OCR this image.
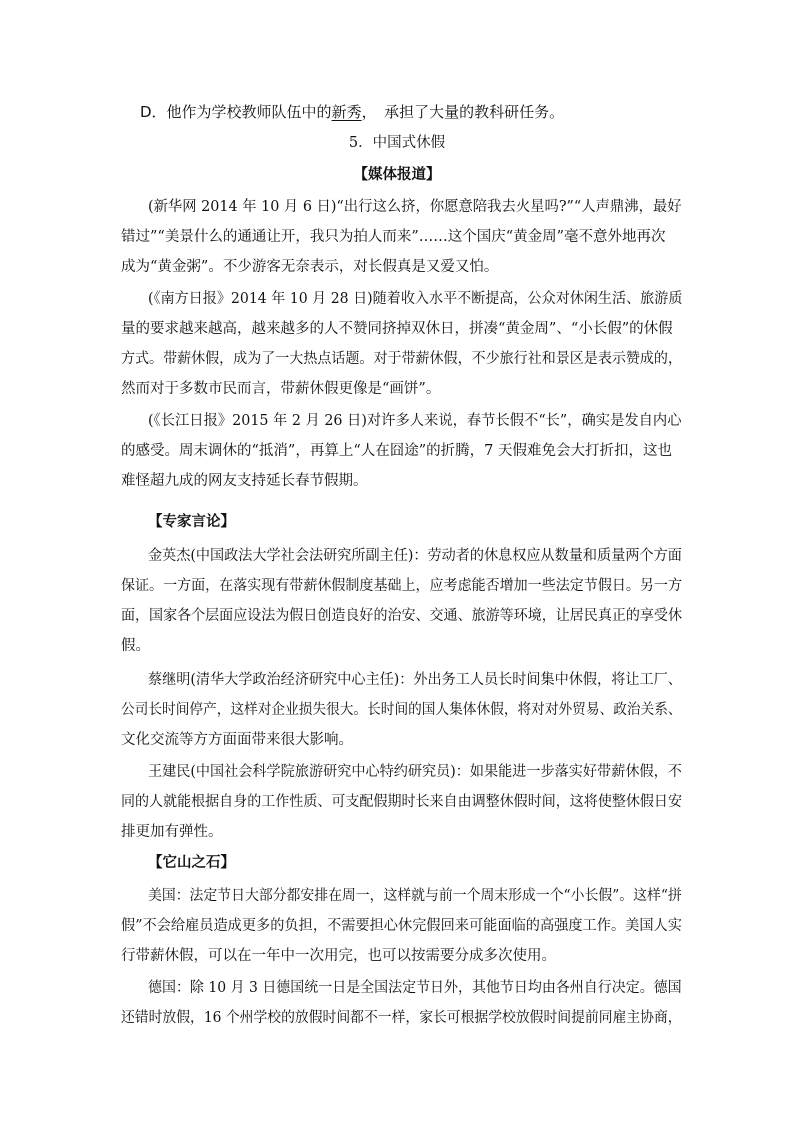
D．他作为学校教师队伍中的新秀，　承担了大量的教科研任务。
5．中国式休假
【媒体报道】
(新华网 2014 年 10 月 6 日)“出行这么挤，你愿意陪我去火星吗?”“人声鼎沸，最好
错过”“美景什么的通通让开，我只为拍人而来”……这个国庆“黄金周”毫不意外地再次
成为“黄金粥”。不少游客无奈表示，对长假真是又爱又怕。
(《南方日报》2014 年 10 月 28 日)随着收入水平不断提高，公众对休闲生活、旅游质
量的要求越来越高，越来越多的人不赞同挤掉双休日，拼凑“黄金周”、“小长假”的休假
方式。带薪休假，成为了一大热点话题。对于带薪休假，不少旅行社和景区是表示赞成的，
然而对于多数市民而言，带薪休假更像是“画饼”。
(《长江日报》2015 年 2 月 26 日)对许多人来说，春节长假不“长”，确实是发自内心
的感受。周末调休的“抵消”，再算上“人在囧途”的折腾，7 天假难免会大打折扣，这也
难怪超九成的网友支持延长春节假期。
【专家言论】
金英杰(中国政法大学社会法研究所副主任)：劳动者的休息权应从数量和质量两个方面
保证。一方面，在落实现有带薪休假制度基础上，应考虑能否增加一些法定节假日。另一方
面，国家各个层面应设法为假日创造良好的治安、交通、旅游等环境，让居民真正的享受休
假。
蔡继明(清华大学政治经济研究中心主任)：外出务工人员长时间集中休假，将让工厂、
公司长时间停产，这样对企业损失很大。长时间的国人集体休假，将对对外贸易、政治关系、
文化交流等方方面面带来很大影响。
王建民(中国社会科学院旅游研究中心特约研究员)：如果能进一步落实好带薪休假，不
同的人就能根据自身的工作性质、可支配假期时长来自由调整休假时间，这将使整休假日安
排更加有弹性。
【它山之石】
美国：法定节日大部分都安排在周一，这样就与前一个周末形成一个“小长假”。这样“拼
假”不会给雇员造成更多的负担，不需要担心休完假回来可能面临的高强度工作。美国人实
行带薪休假，可以在一年中一次用完，也可以按需要分成多次使用。
德国：除 10 月 3 日德国统一日是全国法定节日外，其他节日均由各州自行决定。德国
还错时放假，16 个州学校的放假时间都不一样，家长可根据学校放假时间提前同雇主协商，
